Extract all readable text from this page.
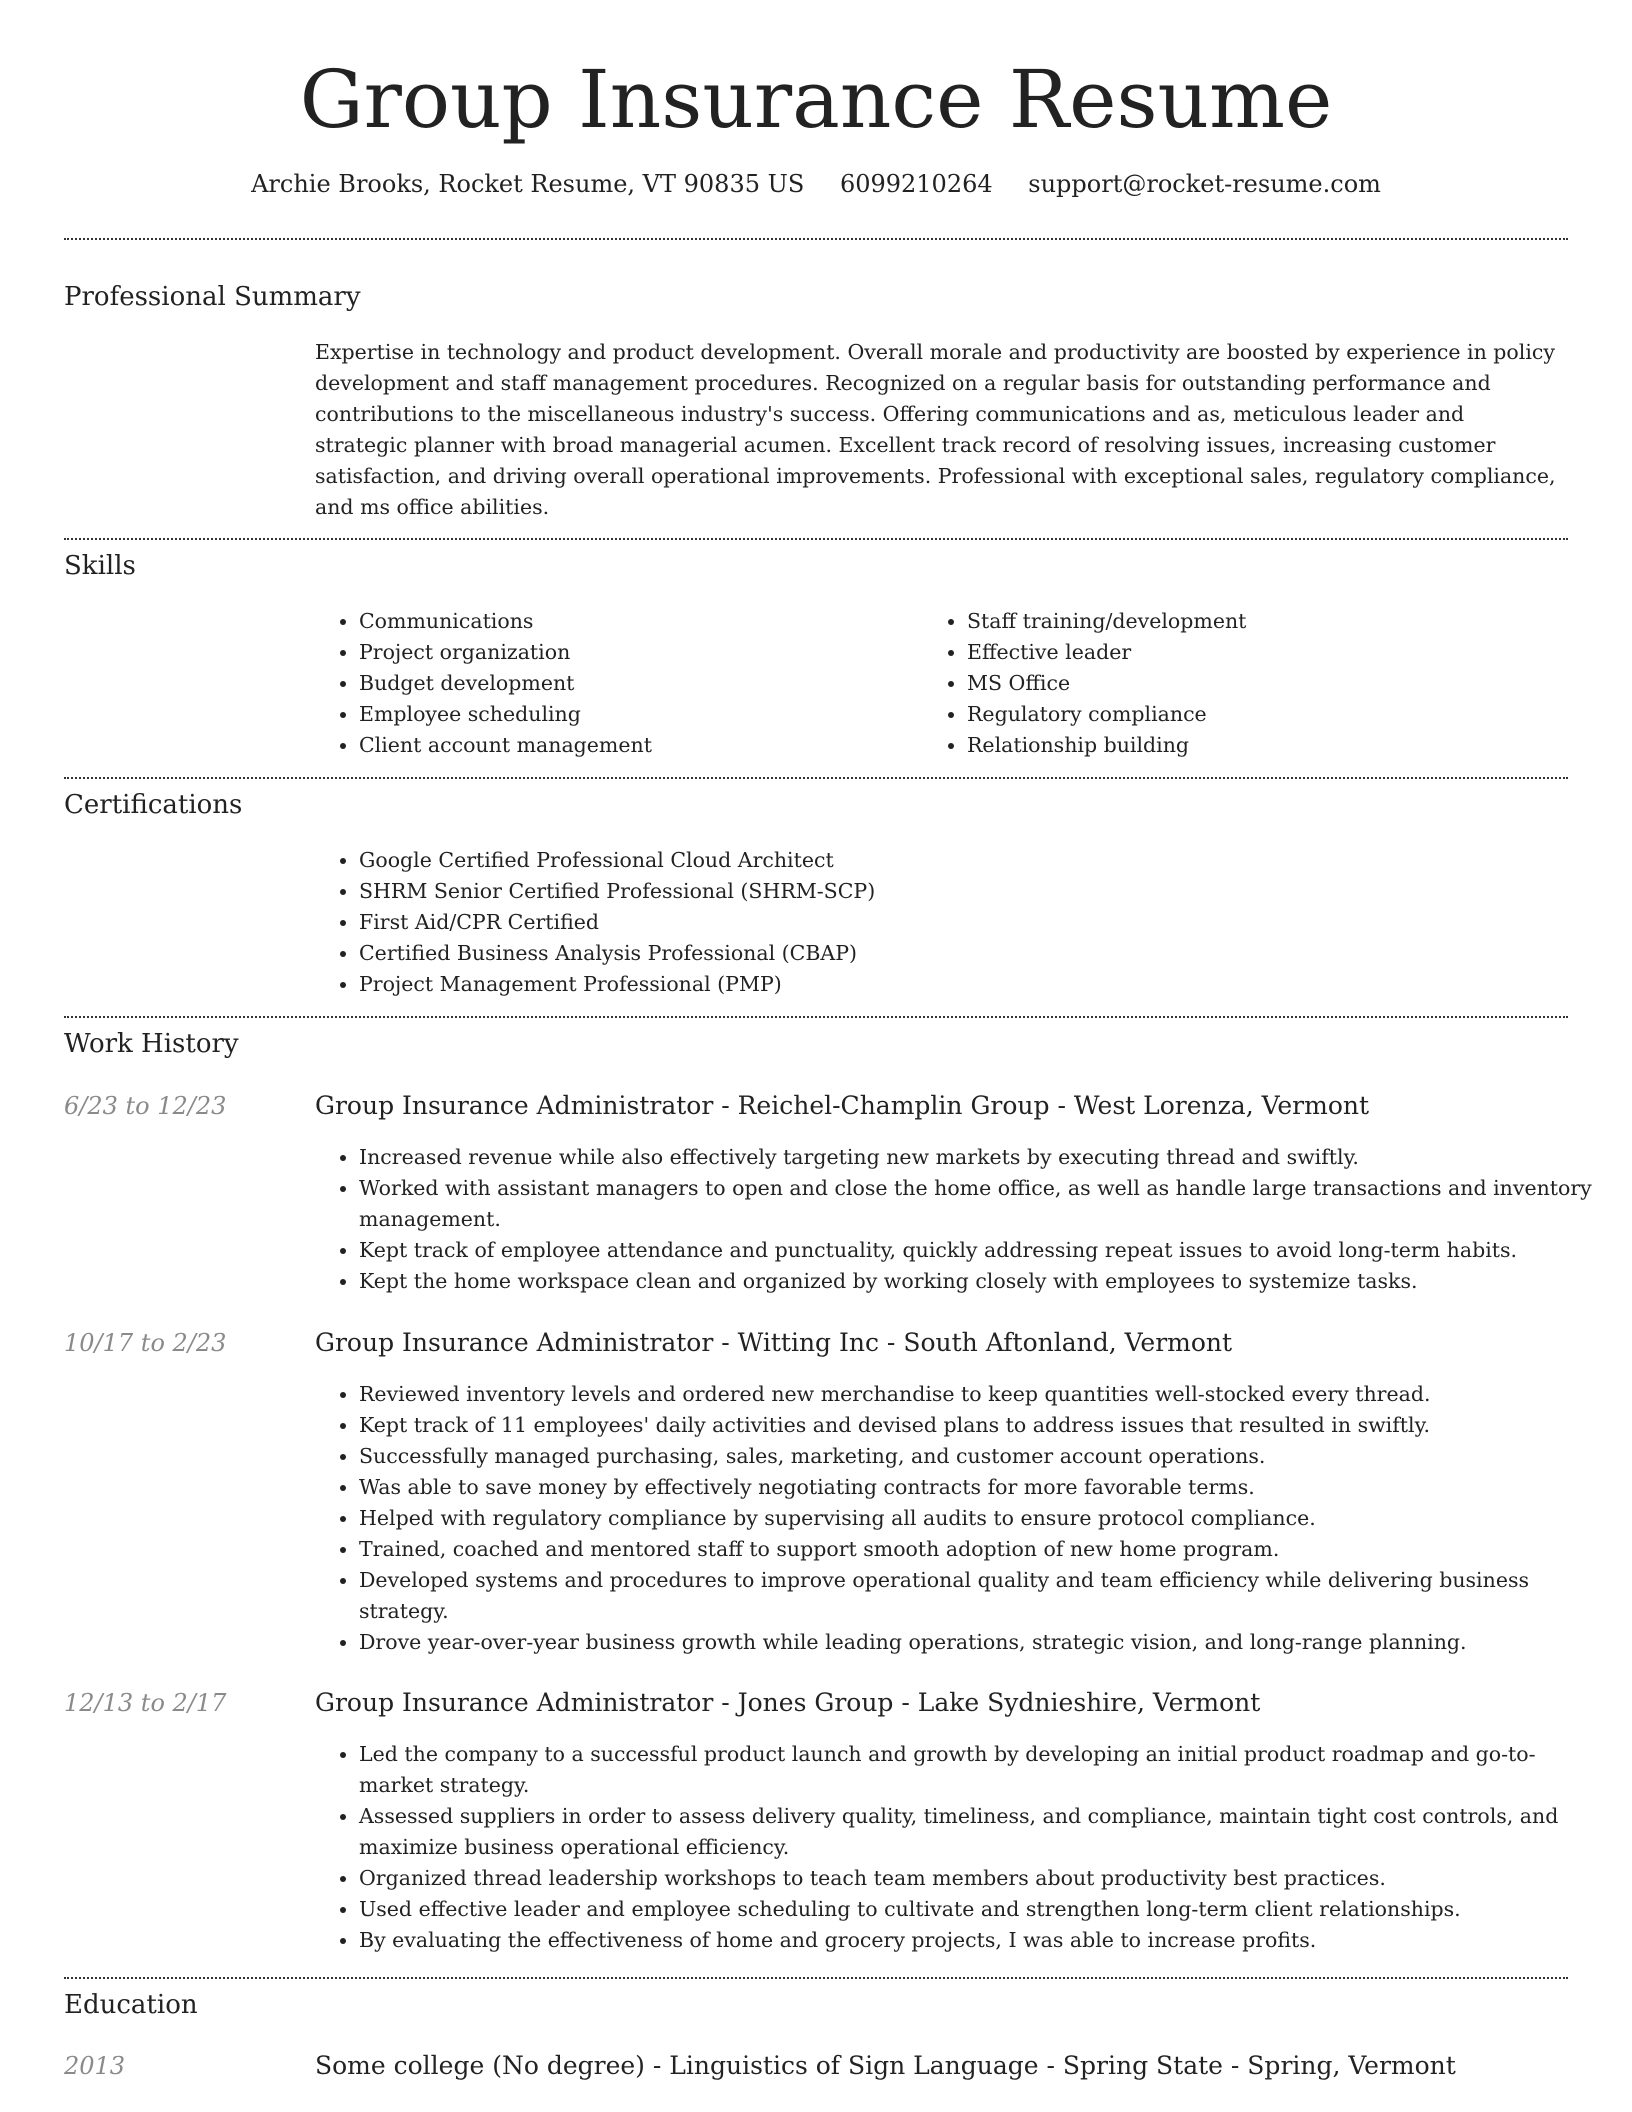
Group Insurance Resume
Archie Brooks, Rocket Resume, VT 90835 US 6099210264 support@rocket-resume.com
Professional Summary
Expertise in technology and product development. Overall morale and productivity are boosted by experience in policy development and staff management procedures. Recognized on a regular basis for outstanding performance and contributions to the miscellaneous industry's success. Offering communications and as, meticulous leader and strategic planner with broad managerial acumen. Excellent track record of resolving issues, increasing customer satisfaction, and driving overall operational improvements. Professional with exceptional sales, regulatory compliance, and ms office abilities.
Skills
• Communications
• Project organization
• Budget development
• Employee scheduling
• Client account management
• Staff training/development
• Effective leader
• MS Office
• Regulatory compliance
• Relationship building
Certifications
• Google Certified Professional Cloud Architect
• SHRM Senior Certified Professional (SHRM-SCP)
• First Aid/CPR Certified
• Certified Business Analysis Professional (CBAP)
• Project Management Professional (PMP)
Work History
6/23 to 12/23	Group Insurance Administrator - Reichel-Champlin Group - West Lorenza, Vermont
• Increased revenue while also effectively targeting new markets by executing thread and swiftly.
• Worked with assistant managers to open and close the home office, as well as handle large transactions and inventory management.
• Kept track of employee attendance and punctuality, quickly addressing repeat issues to avoid long-term habits.
• Kept the home workspace clean and organized by working closely with employees to systemize tasks.
10/17 to 2/23	Group Insurance Administrator - Witting Inc - South Aftonland, Vermont
• Reviewed inventory levels and ordered new merchandise to keep quantities well-stocked every thread.
• Kept track of 11 employees' daily activities and devised plans to address issues that resulted in swiftly.
• Successfully managed purchasing, sales, marketing, and customer account operations.
• Was able to save money by effectively negotiating contracts for more favorable terms.
• Helped with regulatory compliance by supervising all audits to ensure protocol compliance.
• Trained, coached and mentored staff to support smooth adoption of new home program.
• Developed systems and procedures to improve operational quality and team efficiency while delivering business strategy.
• Drove year-over-year business growth while leading operations, strategic vision, and long-range planning.
12/13 to 2/17	Group Insurance Administrator - Jones Group - Lake Sydnieshire, Vermont
• Led the company to a successful product launch and growth by developing an initial product roadmap and go-to-market strategy.
• Assessed suppliers in order to assess delivery quality, timeliness, and compliance, maintain tight cost controls, and maximize business operational efficiency.
• Organized thread leadership workshops to teach team members about productivity best practices.
• Used effective leader and employee scheduling to cultivate and strengthen long-term client relationships.
• By evaluating the effectiveness of home and grocery projects, I was able to increase profits.
Education
2013	Some college (No degree) - Linguistics of Sign Language - Spring State - Spring, Vermont
